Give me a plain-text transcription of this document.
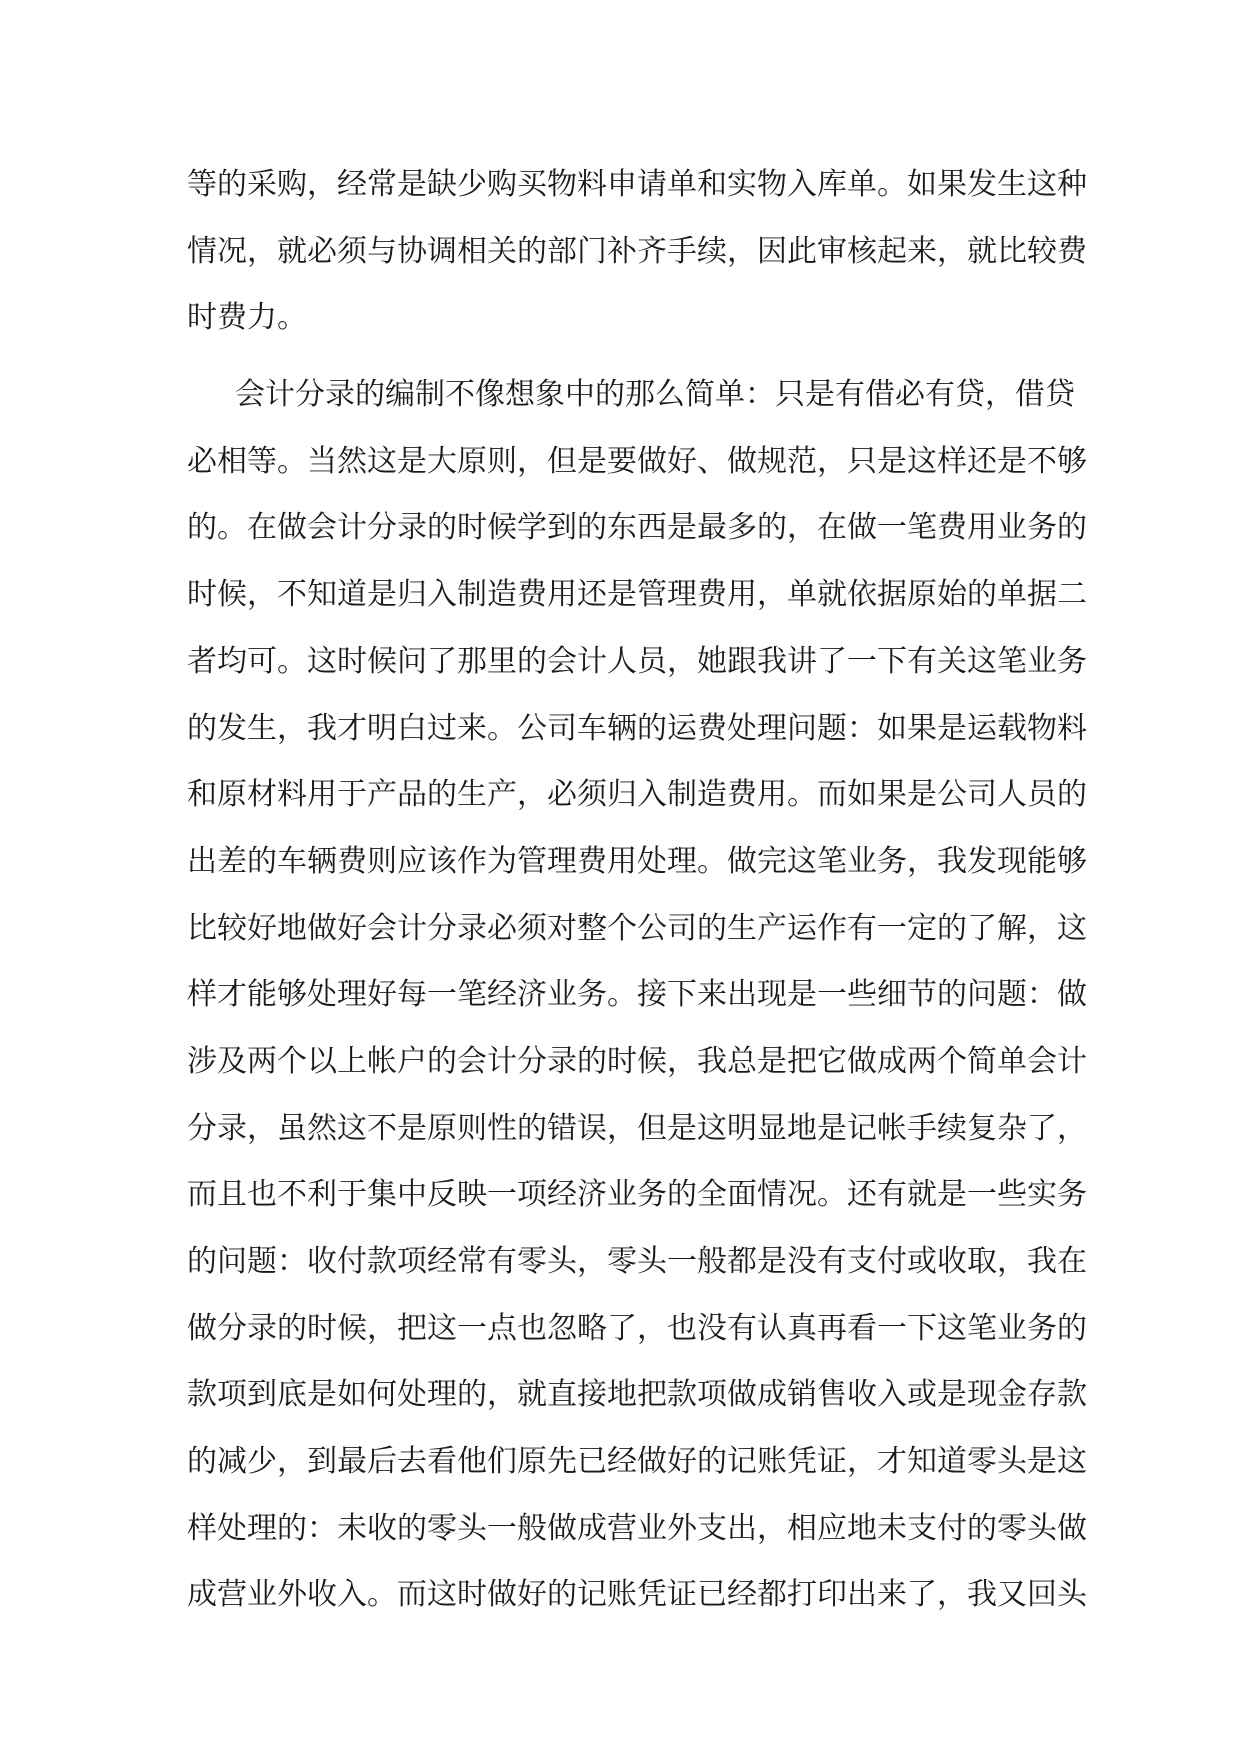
等的采购，经常是缺少购买物料申请单和实物入库单。如果发生这种
情况，就必须与协调相关的部门补齐手续，因此审核起来，就比较费
时费力。
会计分录的编制不像想象中的那么简单：只是有借必有贷，借贷
必相等。当然这是大原则，但是要做好、做规范，只是这样还是不够
的。在做会计分录的时候学到的东西是最多的，在做一笔费用业务的
时候，不知道是归入制造费用还是管理费用，单就依据原始的单据二
者均可。这时候问了那里的会计人员，她跟我讲了一下有关这笔业务
的发生，我才明白过来。公司车辆的运费处理问题：如果是运载物料
和原材料用于产品的生产，必须归入制造费用。而如果是公司人员的
出差的车辆费则应该作为管理费用处理。做完这笔业务，我发现能够
比较好地做好会计分录必须对整个公司的生产运作有一定的了解，这
样才能够处理好每一笔经济业务。接下来出现是一些细节的问题：做
涉及两个以上帐户的会计分录的时候，我总是把它做成两个简单会计
分录，虽然这不是原则性的错误，但是这明显地是记帐手续复杂了，
而且也不利于集中反映一项经济业务的全面情况。还有就是一些实务
的问题：收付款项经常有零头，零头一般都是没有支付或收取，我在
做分录的时候，把这一点也忽略了，也没有认真再看一下这笔业务的
款项到底是如何处理的，就直接地把款项做成销售收入或是现金存款
的减少，到最后去看他们原先已经做好的记账凭证，才知道零头是这
样处理的：未收的零头一般做成营业外支出，相应地未支付的零头做
成营业外收入。而这时做好的记账凭证已经都打印出来了，我又回头
